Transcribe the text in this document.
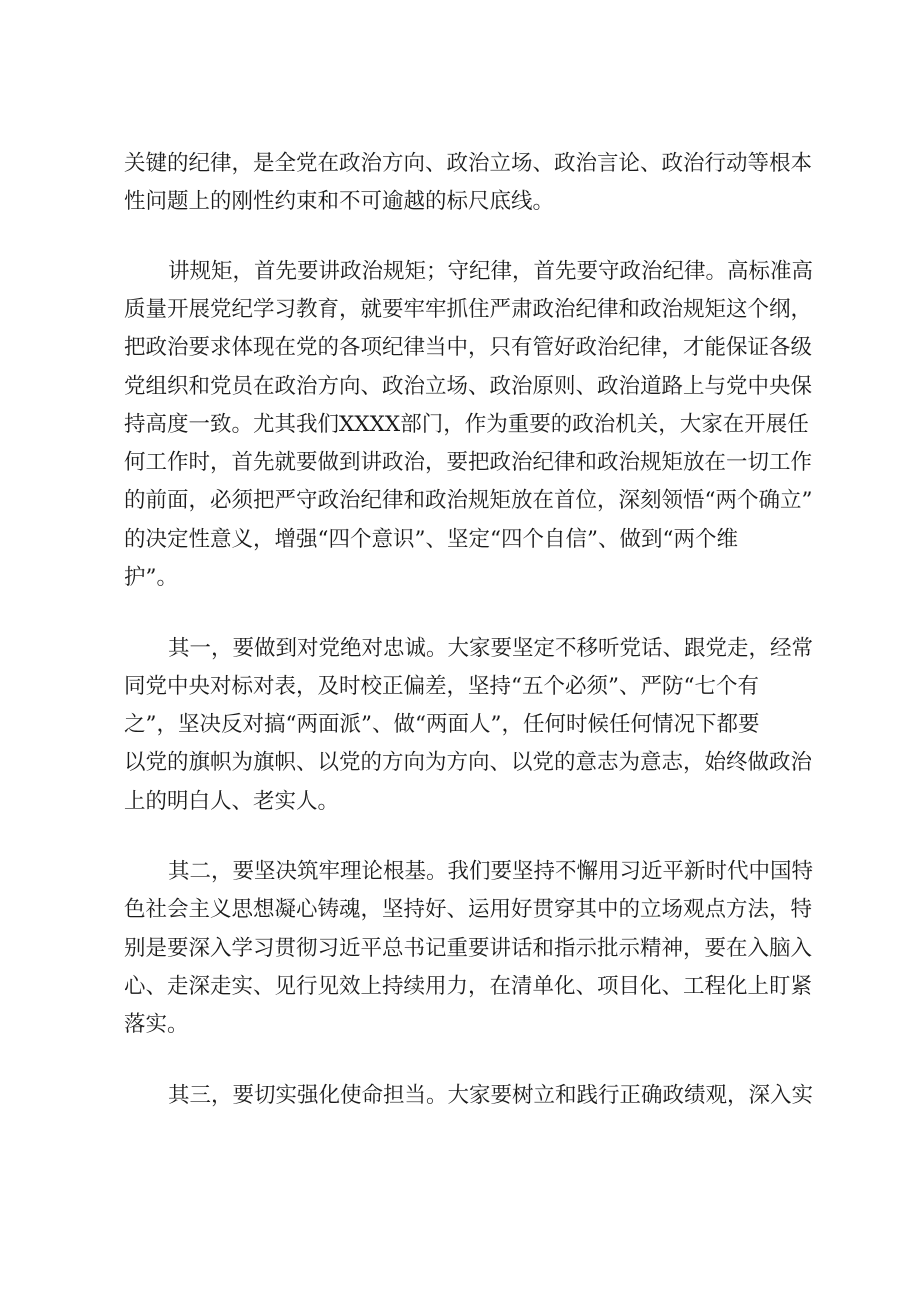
关键的纪律，是全党在政治方向、政治立场、政治言论、政治行动等根本
性问题上的刚性约束和不可逾越的标尺底线。
讲规矩，首先要讲政治规矩；守纪律，首先要守政治纪律。高标准高
质量开展党纪学习教育，就要牢牢抓住严肃政治纪律和政治规矩这个纲，
把政治要求体现在党的各项纪律当中，只有管好政治纪律，才能保证各级
党组织和党员在政治方向、政治立场、政治原则、政治道路上与党中央保
持高度一致。尤其我们XXXX部门，作为重要的政治机关，大家在开展任
何工作时，首先就要做到讲政治，要把政治纪律和政治规矩放在一切工作
的前面，必须把严守政治纪律和政治规矩放在首位，深刻领悟“两个确立”
的决定性意义，增强“四个意识”、坚定“四个自信”、做到“两个维
护”。
其一，要做到对党绝对忠诚。大家要坚定不移听党话、跟党走，经常
同党中央对标对表，及时校正偏差，坚持“五个必须”、严防“七个有
之”，坚决反对搞“两面派”、做“两面人”，任何时候任何情况下都要
以党的旗帜为旗帜、以党的方向为方向、以党的意志为意志，始终做政治
上的明白人、老实人。
其二，要坚决筑牢理论根基。我们要坚持不懈用习近平新时代中国特
色社会主义思想凝心铸魂，坚持好、运用好贯穿其中的立场观点方法，特
别是要深入学习贯彻习近平总书记重要讲话和指示批示精神，要在入脑入
心、走深走实、见行见效上持续用力，在清单化、项目化、工程化上盯紧
落实。
其三，要切实强化使命担当。大家要树立和践行正确政绩观，深入实
